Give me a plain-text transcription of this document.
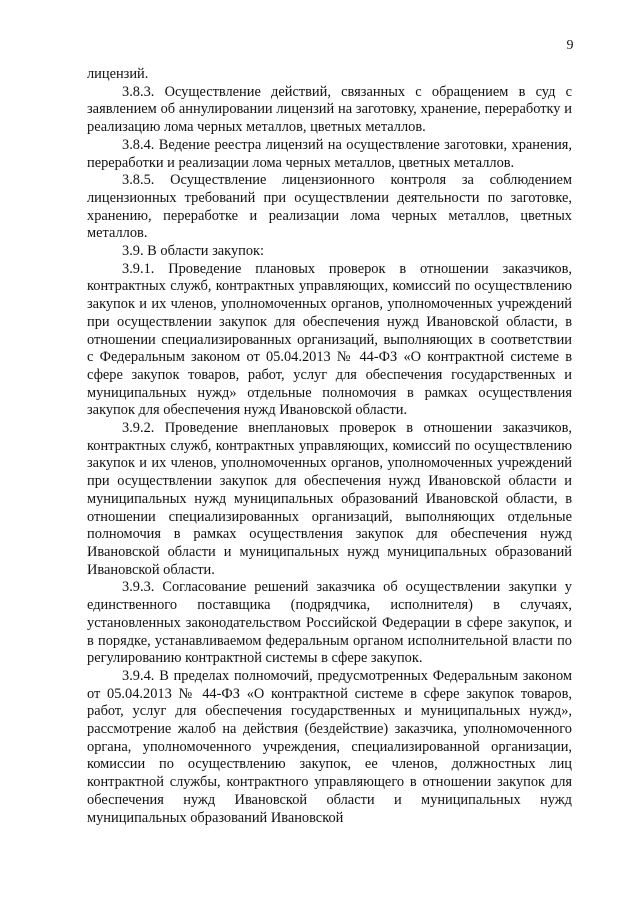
9

лицензий.

3.8.3. Осуществление действий, связанных с обращением в суд с заявлением об аннулировании лицензий на заготовку, хранение, переработку и реализацию лома черных металлов, цветных металлов.

3.8.4. Ведение реестра лицензий на осуществление заготовки, хранения, переработки и реализации лома черных металлов, цветных металлов.

3.8.5. Осуществление лицензионного контроля за соблюдением лицензионных требований при осуществлении деятельности по заготовке, хранению, переработке и реализации лома черных металлов, цветных металлов.

3.9. В области закупок:

3.9.1. Проведение плановых проверок в отношении заказчиков, контрактных служб, контрактных управляющих, комиссий по осуществлению закупок и их членов, уполномоченных органов, уполномоченных учреждений при осуществлении закупок для обеспечения нужд Ивановской области, в отношении специализированных организаций, выполняющих в соответствии с Федеральным законом от 05.04.2013 № 44-ФЗ «О контрактной системе в сфере закупок товаров, работ, услуг для обеспечения государственных и муниципальных нужд» отдельные полномочия в рамках осуществления закупок для обеспечения нужд Ивановской области.

3.9.2. Проведение внеплановых проверок в отношении заказчиков, контрактных служб, контрактных управляющих, комиссий по осуществлению закупок и их членов, уполномоченных органов, уполномоченных учреждений при осуществлении закупок для обеспечения нужд Ивановской области и муниципальных нужд муниципальных образований Ивановской области, в отношении специализированных организаций, выполняющих отдельные полномочия в рамках осуществления закупок для обеспечения нужд Ивановской области и муниципальных нужд муниципальных образований Ивановской области.

3.9.3. Согласование решений заказчика об осуществлении закупки у единственного поставщика (подрядчика, исполнителя) в случаях, установленных законодательством Российской Федерации в сфере закупок, и в порядке, устанавливаемом федеральным органом исполнительной власти по регулированию контрактной системы в сфере закупок.

3.9.4. В пределах полномочий, предусмотренных Федеральным законом от 05.04.2013 № 44-ФЗ «О контрактной системе в сфере закупок товаров, работ, услуг для обеспечения государственных и муниципальных нужд», рассмотрение жалоб на действия (бездействие) заказчика, уполномоченного органа, уполномоченного учреждения, специализированной организации, комиссии по осуществлению закупок, ее членов, должностных лиц контрактной службы, контрактного управляющего в отношении закупок для обеспечения нужд Ивановской области и муниципальных нужд муниципальных образований Ивановской
